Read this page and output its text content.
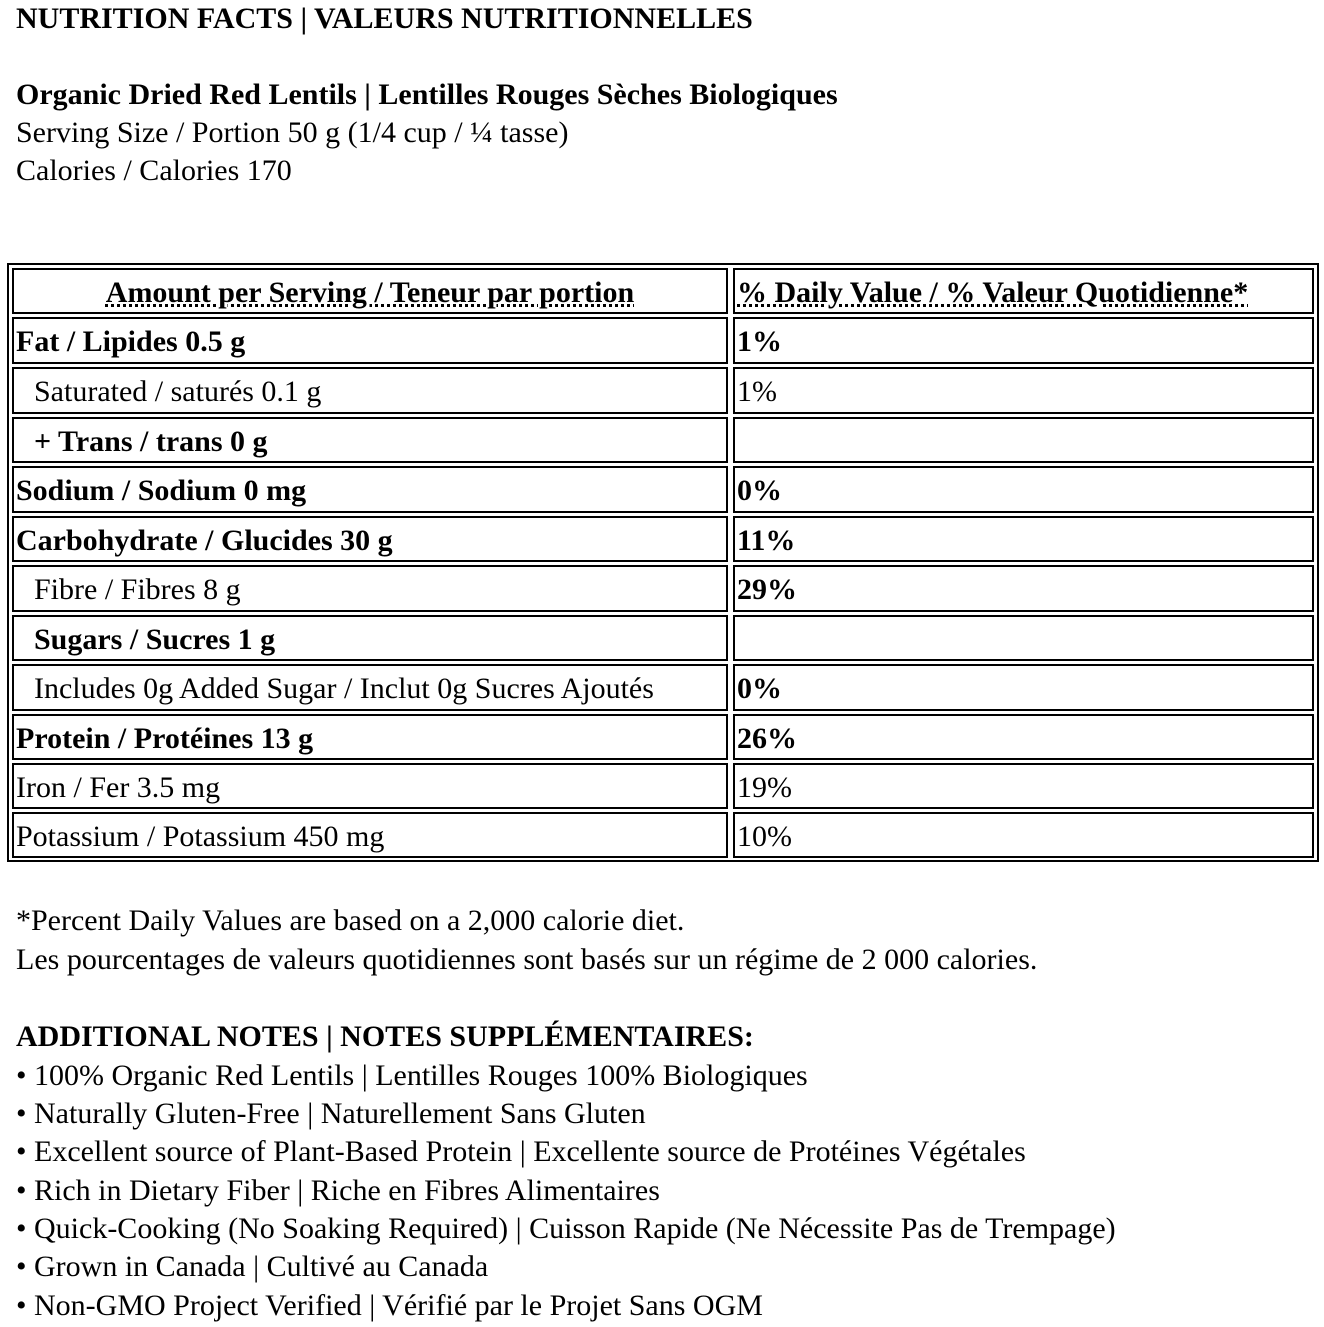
NUTRITION FACTS | VALEURS NUTRITIONNELLES
Organic Dried Red Lentils | Lentilles Rouges Sèches Biologiques
Serving Size / Portion 50 g (1/4 cup / ¼ tasse)
Calories / Calories 170
Amount per Serving / Teneur par portion	% Daily Value / % Valeur Quotidienne*
Fat / Lipides 0.5 g	1%
Saturated / saturés 0.1 g	1%
+ Trans / trans 0 g
Sodium / Sodium 0 mg	0%
Carbohydrate / Glucides 30 g	11%
Fibre / Fibres 8 g	29%
Sugars / Sucres 1 g
Includes 0g Added Sugar / Inclut 0g Sucres Ajoutés	0%
Protein / Protéines 13 g	26%
Iron / Fer 3.5 mg	19%
Potassium / Potassium 450 mg	10%
*Percent Daily Values are based on a 2,000 calorie diet.
Les pourcentages de valeurs quotidiennes sont basés sur un régime de 2 000 calories.
ADDITIONAL NOTES | NOTES SUPPLÉMENTAIRES:
• 100% Organic Red Lentils | Lentilles Rouges 100% Biologiques
• Naturally Gluten-Free | Naturellement Sans Gluten
• Excellent source of Plant-Based Protein | Excellente source de Protéines Végétales
• Rich in Dietary Fiber | Riche en Fibres Alimentaires
• Quick-Cooking (No Soaking Required) | Cuisson Rapide (Ne Nécessite Pas de Trempage)
• Grown in Canada | Cultivé au Canada
• Non-GMO Project Verified | Vérifié par le Projet Sans OGM
